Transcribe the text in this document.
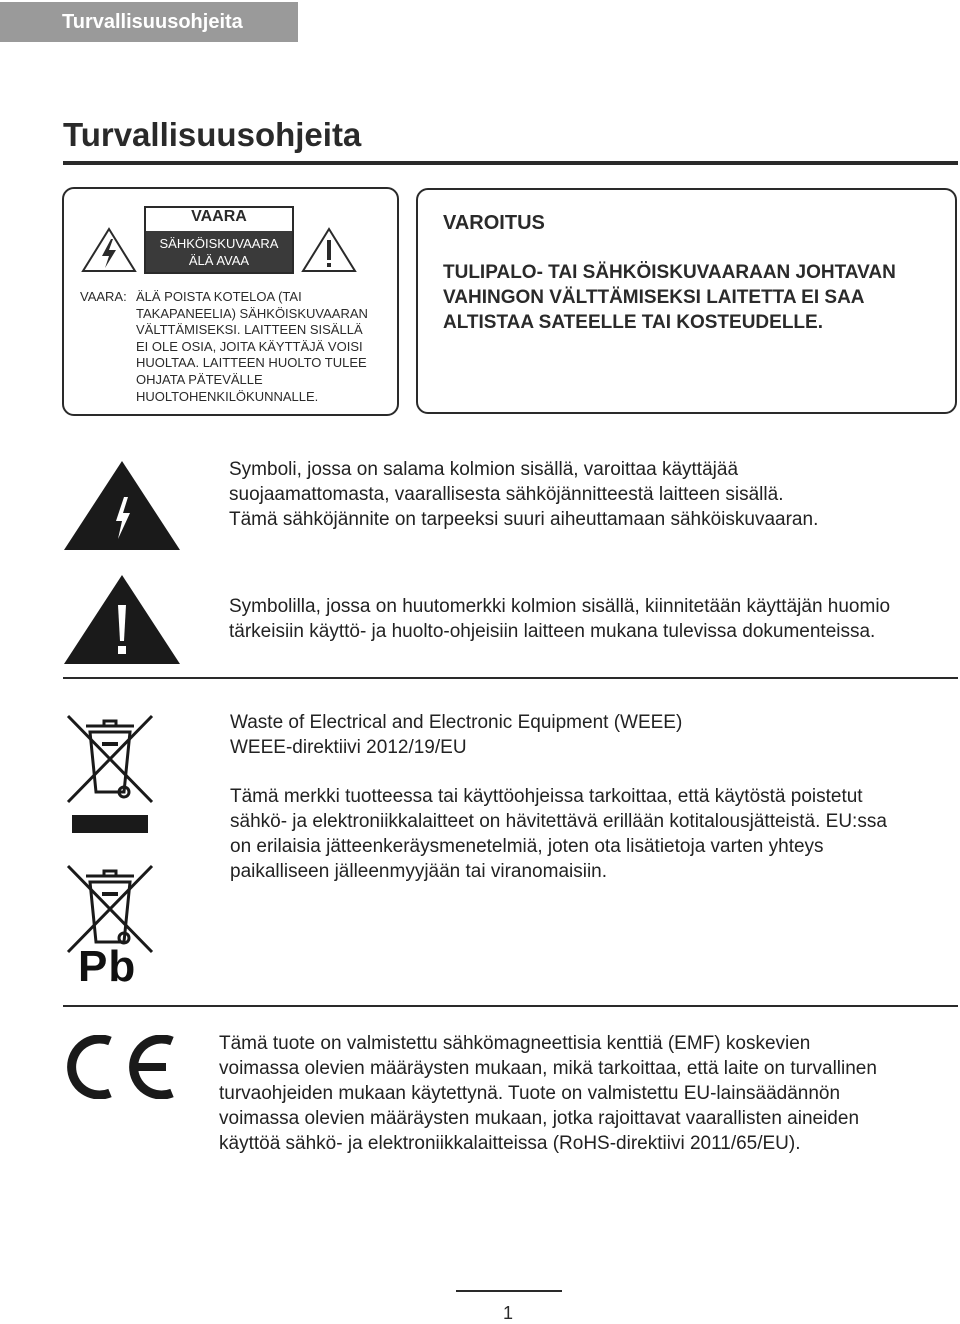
Turvallisuusohjeita
Turvallisuusohjeita
VAARA
SÄHKÖISKUVAARA
ÄLÄ AVAA
VAARA: ÄLÄ POISTA KOTELOA (TAI
TAKAPANEELIA) SÄHKÖISKUVAARAN
VÄLTTÄMISEKSI. LAITTEEN SISÄLLÄ
EI OLE OSIA, JOITA KÄYTTÄJÄ VOISI
HUOLTAA. LAITTEEN HUOLTO TULEE
OHJATA PÄTEVÄLLE
HUOLTOHENKILÖKUNNALLE.
VAROITUS
TULIPALO- TAI SÄHKÖISKUVAARAAN JOHTAVAN
VAHINGON VÄLTTÄMISEKSI LAITETTA EI SAA
ALTISTAA SATEELLE TAI KOSTEUDELLE.
Symboli, jossa on salama kolmion sisällä, varoittaa käyttäjää
suojaamattomasta, vaarallisesta sähköjännitteestä laitteen sisällä.
Tämä sähköjännite on tarpeeksi suuri aiheuttamaan sähköiskuvaaran.
Symbolilla, jossa on huutomerkki kolmion sisällä, kiinnitetään käyttäjän huomio
tärkeisiin käyttö- ja huolto-ohjeisiin laitteen mukana tulevissa dokumenteissa.
Pb
Waste of Electrical and Electronic Equipment (WEEE)
WEEE-direktiivi 2012/19/EU
Tämä merkki tuotteessa tai käyttöohjeissa tarkoittaa, että käytöstä poistetut
sähkö- ja elektroniikkalaitteet on hävitettävä erillään kotitalousjätteistä. EU:ssa
on erilaisia jätteenkeräysmenetelmiä, joten ota lisätietoja varten yhteys
paikalliseen jälleenmyyjään tai viranomaisiin.
Tämä tuote on valmistettu sähkömagneettisia kenttiä (EMF) koskevien
voimassa olevien määräysten mukaan, mikä tarkoittaa, että laite on turvallinen
turvaohjeiden mukaan käytettynä. Tuote on valmistettu EU-lainsäädännön
voimassa olevien määräysten mukaan, jotka rajoittavat vaarallisten aineiden
käyttöä sähkö- ja elektroniikkalaitteissa (RoHS-direktiivi 2011/65/EU).
1
